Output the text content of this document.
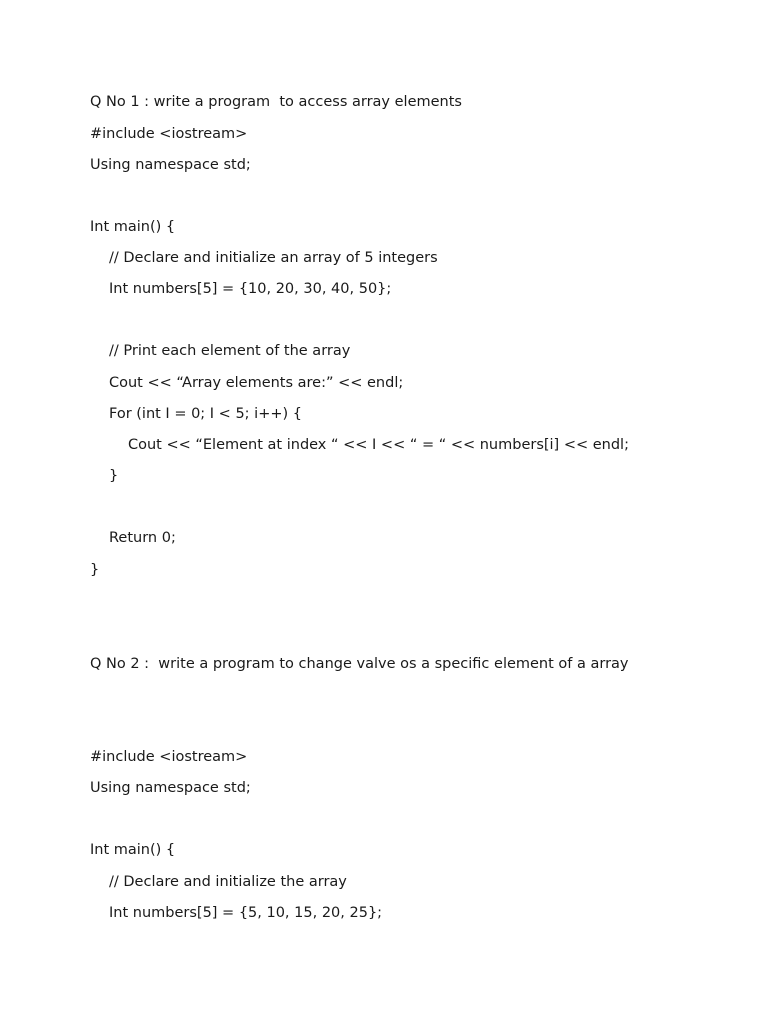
Q No 1 : write a program  to access array elements
#include <iostream>
Using namespace std;
Int main() {
// Declare and initialize an array of 5 integers
Int numbers[5] = {10, 20, 30, 40, 50};
// Print each element of the array
Cout << “Array elements are:” << endl;
For (int I = 0; I < 5; i++) {
Cout << “Element at index “ << I << “ = “ << numbers[i] << endl;
}
Return 0;
}
Q No 2 :  write a program to change valve os a specific element of a array
#include <iostream>
Using namespace std;
Int main() {
// Declare and initialize the array
Int numbers[5] = {5, 10, 15, 20, 25};
